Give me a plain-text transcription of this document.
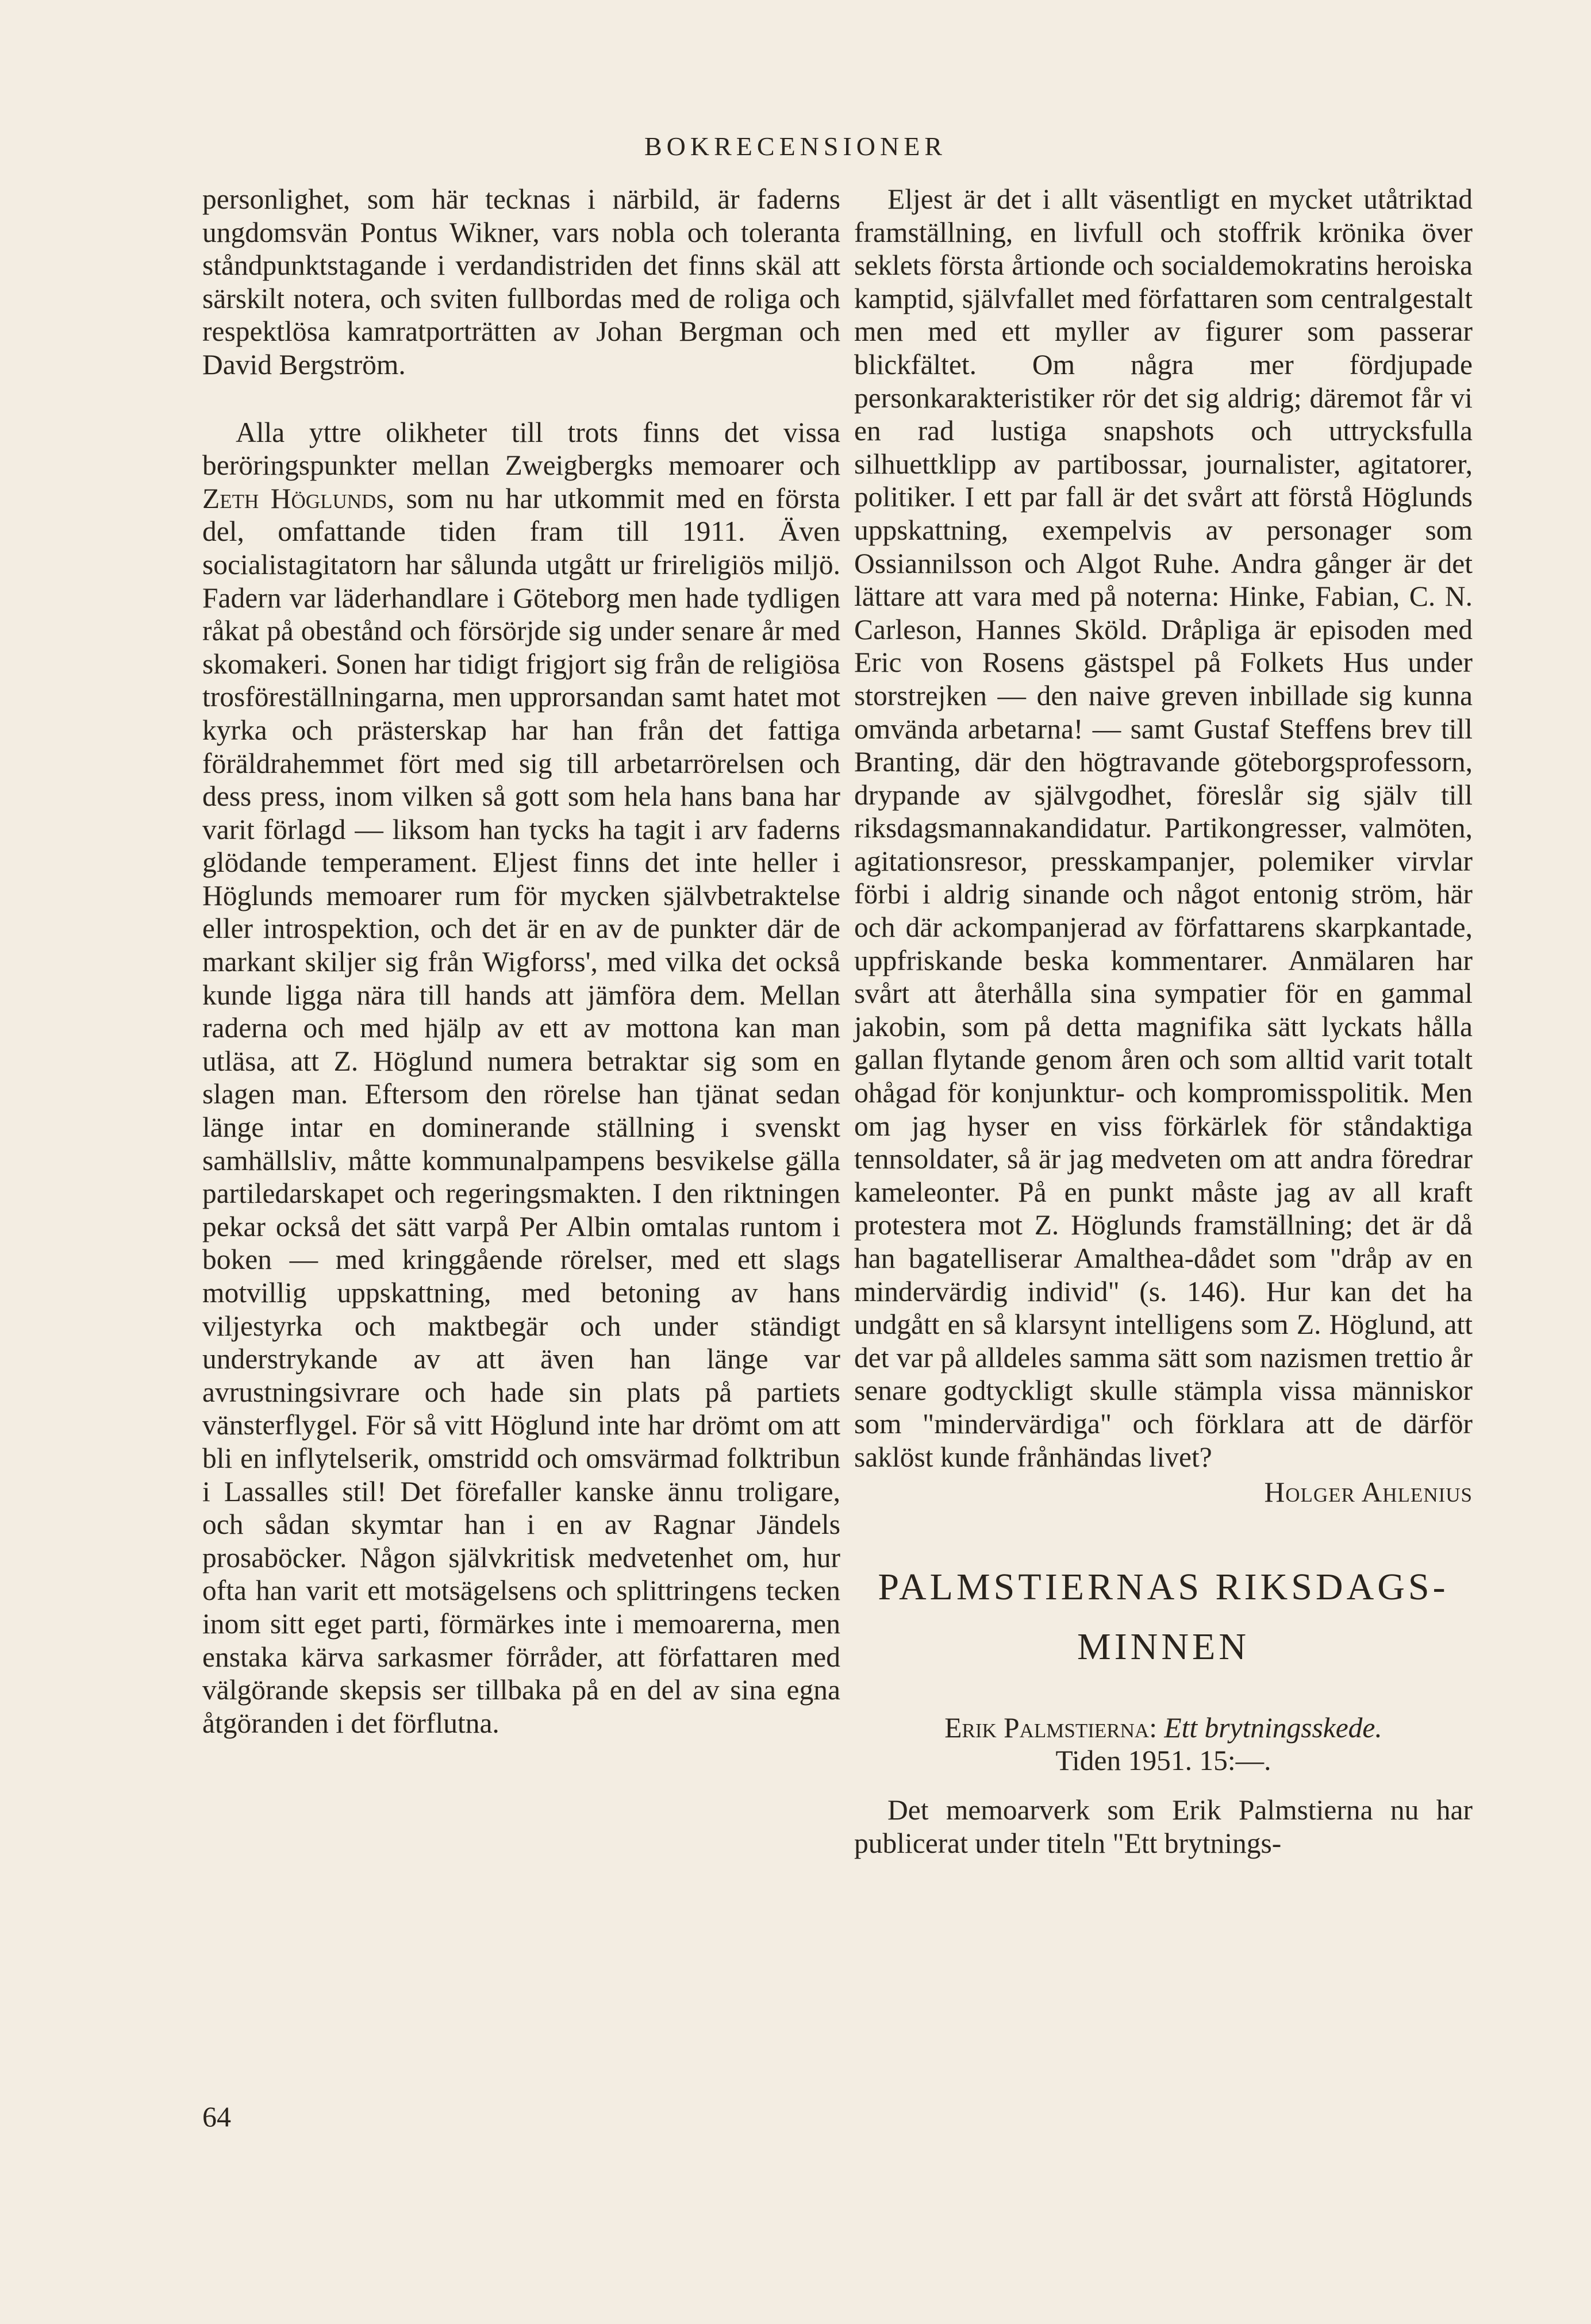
BOKRECENSIONER

personlighet, som här tecknas i närbild, är faderns ungdomsvän Pontus Wikner, vars nobla och toleranta ståndpunktstagande i verdandistriden det finns skäl att särskilt notera, och sviten fullbordas med de roliga och respektlösa kamratporträtten av Johan Bergman och David Bergström.

Alla yttre olikheter till trots finns det vissa beröringspunkter mellan Zweigbergks memoarer och Zeth Höglunds, som nu har utkommit med en första del, omfattande tiden fram till 1911. Även socialistagitatorn har sålunda utgått ur frireligiös miljö. Fadern var läderhandlare i Göteborg men hade tydligen råkat på obestånd och försörjde sig under senare år med skomakeri. Sonen har tidigt frigjort sig från de religiösa trosföreställningarna, men upprorsandan samt hatet mot kyrka och prästerskap har han från det fattiga föräldrahemmet fört med sig till arbetarrörelsen och dess press, inom vilken så gott som hela hans bana har varit förlagd — liksom han tycks ha tagit i arv faderns glödande temperament. Eljest finns det inte heller i Höglunds memoarer rum för mycken självbetraktelse eller introspektion, och det är en av de punkter där de markant skiljer sig från Wigforss', med vilka det också kunde ligga nära till hands att jämföra dem. Mellan raderna och med hjälp av ett av mottona kan man utläsa, att Z. Höglund numera betraktar sig som en slagen man. Eftersom den rörelse han tjänat sedan länge intar en dominerande ställning i svenskt samhällsliv, måtte kommunalpampens besvikelse gälla partiledarskapet och regeringsmakten. I den riktningen pekar också det sätt varpå Per Albin omtalas runtom i boken — med kringgående rörelser, med ett slags motvillig uppskattning, med betoning av hans viljestyrka och maktbegär och under ständigt understrykande av att även han länge var avrustningsivrare och hade sin plats på partiets vänsterflygel. För så vitt Höglund inte har drömt om att bli en inflytelserik, omstridd och omsvärmad folktribun i Lassalles stil! Det förefaller kanske ännu troligare, och sådan skymtar han i en av Ragnar Jändels prosaböcker. Någon självkritisk medvetenhet om, hur ofta han varit ett motsägelsens och splittringens tecken inom sitt eget parti, förmärkes inte i memoarerna, men enstaka kärva sarkasmer förråder, att författaren med välgörande skepsis ser tillbaka på en del av sina egna åtgöranden i det förflutna.

Eljest är det i allt väsentligt en mycket utåtriktad framställning, en livfull och stoffrik krönika över seklets första årtionde och socialdemokratins heroiska kamptid, självfallet med författaren som centralgestalt men med ett myller av figurer som passerar blickfältet. Om några mer fördjupade personkarakteristiker rör det sig aldrig; däremot får vi en rad lustiga snapshots och uttrycksfulla silhuettklipp av partibossar, journalister, agitatorer, politiker. I ett par fall är det svårt att förstå Höglunds uppskattning, exempelvis av personager som Ossiannilsson och Algot Ruhe. Andra gånger är det lättare att vara med på noterna: Hinke, Fabian, C. N. Carleson, Hannes Sköld. Dråpliga är episoden med Eric von Rosens gästspel på Folkets Hus under storstrejken — den naive greven inbillade sig kunna omvända arbetarna! — samt Gustaf Steffens brev till Branting, där den högtravande göteborgsprofessorn, drypande av självgodhet, föreslår sig själv till riksdagsmannakandidatur. Partikongresser, valmöten, agitationsresor, presskampanjer, polemiker virvlar förbi i aldrig sinande och något entonig ström, här och där ackompanjerad av författarens skarpkantade, uppfriskande beska kommentarer. Anmälaren har svårt att återhålla sina sympatier för en gammal jakobin, som på detta magnifika sätt lyckats hålla gallan flytande genom åren och som alltid varit totalt ohågad för konjunktur- och kompromisspolitik. Men om jag hyser en viss förkärlek för ståndaktiga tennsoldater, så är jag medveten om att andra föredrar kameleonter. På en punkt måste jag av all kraft protestera mot Z. Höglunds framställning; det är då han bagatelliserar Amalthea-dådet som "dråp av en mindervärdig individ" (s. 146). Hur kan det ha undgått en så klarsynt intelligens som Z. Höglund, att det var på alldeles samma sätt som nazismen trettio år senare godtyckligt skulle stämpla vissa människor som "mindervärdiga" och förklara att de därför saklöst kunde frånhändas livet?

Holger Ahlenius
PALMSTIERNAS RIKSDAGS-
MINNEN
Erik Palmstierna: Ett brytningsskede.
Tiden 1951. 15:—.

Det memoarverk som Erik Palmstierna nu har publicerat under titeln "Ett brytnings-

64
